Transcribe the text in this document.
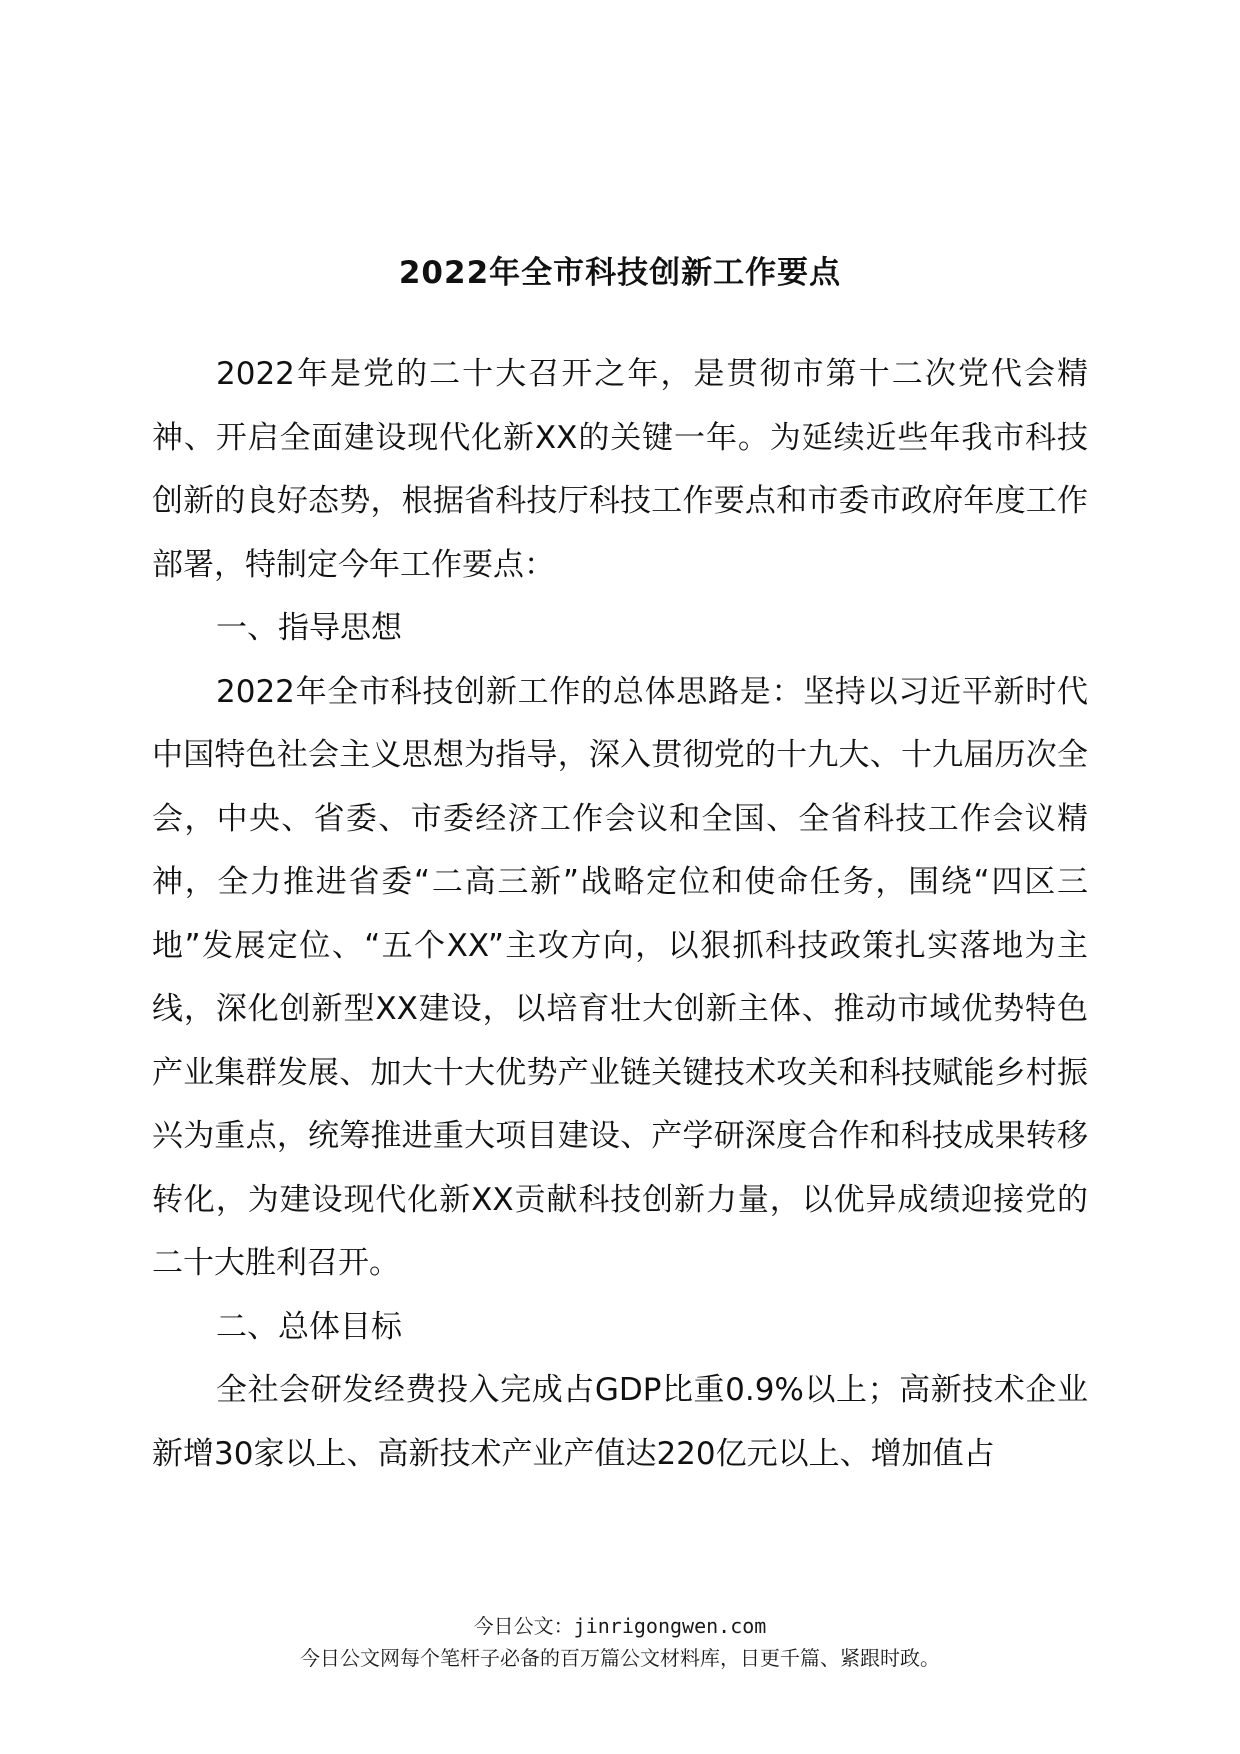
2022年全市科技创新工作要点

2022年是党的二十大召开之年，是贯彻市第十二次党代会精神、开启全面建设现代化新XX的关键一年。为延续近些年我市科技创新的良好态势，根据省科技厅科技工作要点和市委市政府年度工作部署，特制定今年工作要点：

一、指导思想

2022年全市科技创新工作的总体思路是：坚持以习近平新时代中国特色社会主义思想为指导，深入贯彻党的十九大、十九届历次全会，中央、省委、市委经济工作会议和全国、全省科技工作会议精神，全力推进省委“二高三新”战略定位和使命任务，围绕“四区三地”发展定位、“五个XX”主攻方向，以狠抓科技政策扎实落地为主线，深化创新型XX建设，以培育壮大创新主体、推动市域优势特色产业集群发展、加大十大优势产业链关键技术攻关和科技赋能乡村振兴为重点，统筹推进重大项目建设、产学研深度合作和科技成果转移转化，为建设现代化新XX贡献科技创新力量，以优异成绩迎接党的二十大胜利召开。

二、总体目标

全社会研发经费投入完成占GDP比重0.9%以上；高新技术企业新增30家以上、高新技术产业产值达220亿元以上、增加值占

今日公文：jinrigongwen.com
今日公文网每个笔杆子必备的百万篇公文材料库，日更千篇、紧跟时政。
